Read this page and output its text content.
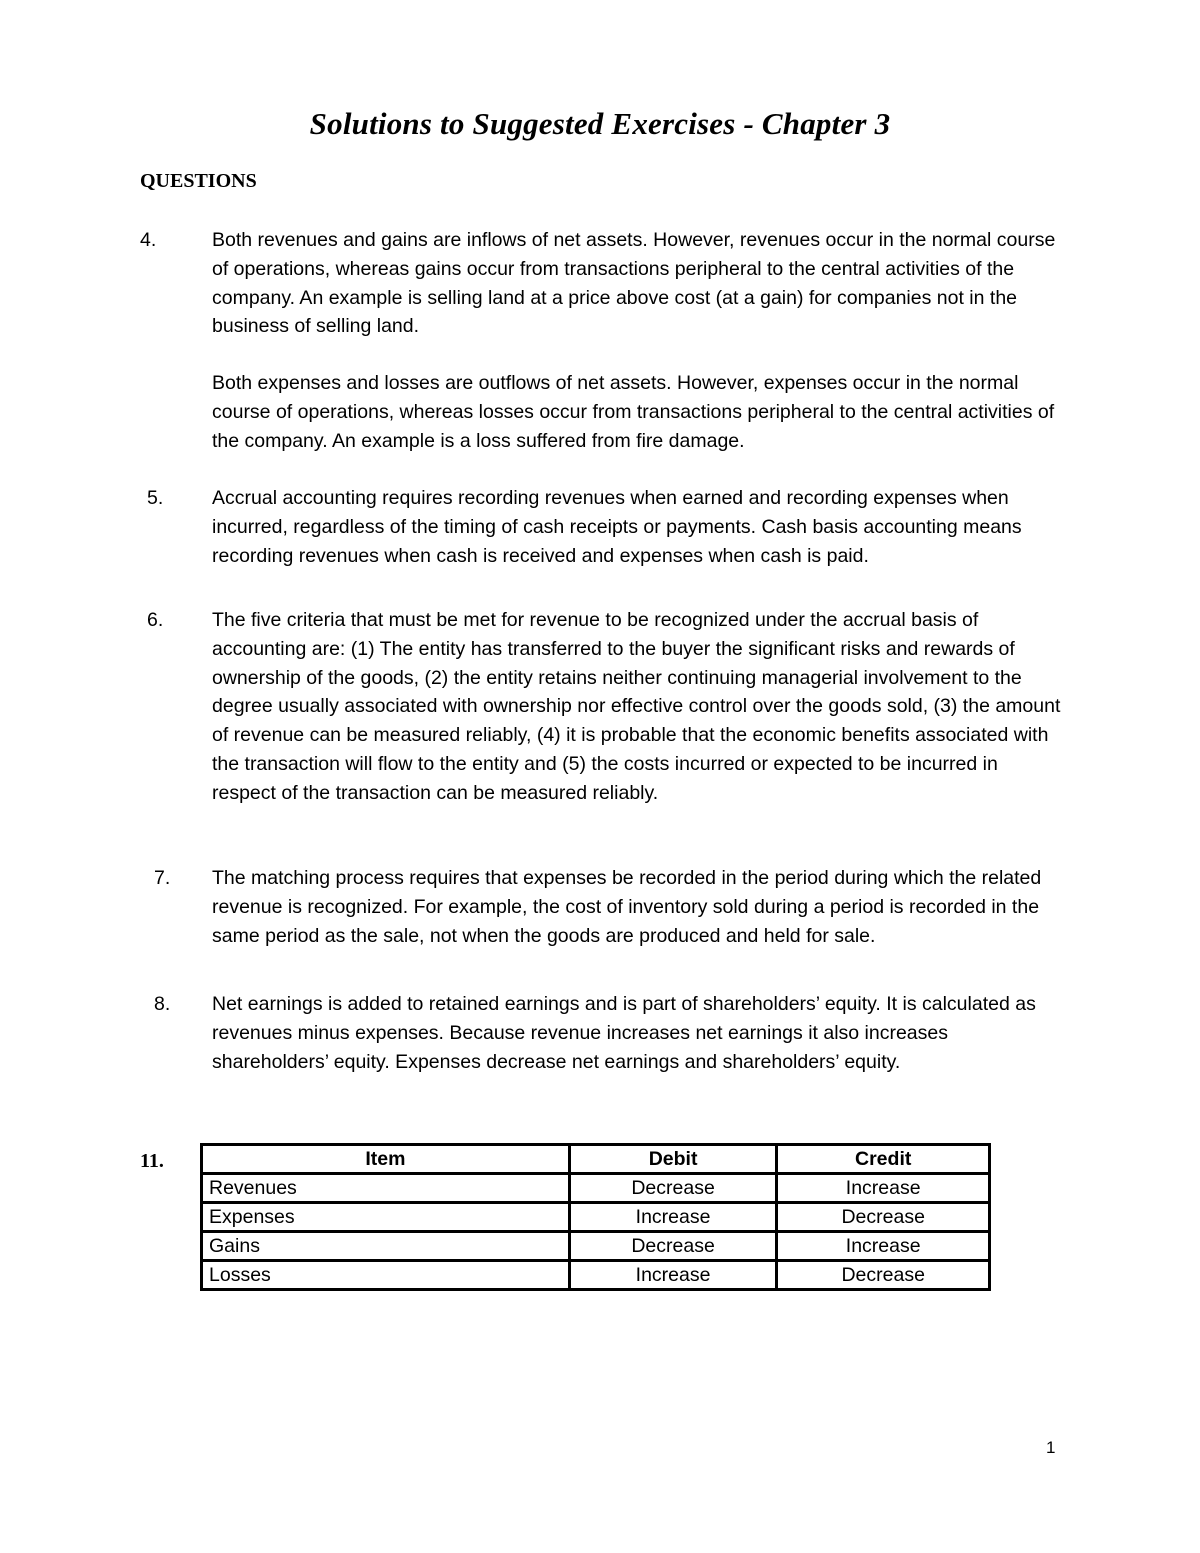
Solutions to Suggested Exercises - Chapter 3
QUESTIONS
4.	Both revenues and gains are inflows of net assets. However, revenues occur in the normal course of operations, whereas gains occur from transactions peripheral to the central activities of the company. An example is selling land at a price above cost (at a gain) for companies not in the business of selling land.

Both expenses and losses are outflows of net assets. However, expenses occur in the normal course of operations, whereas losses occur from transactions peripheral to the central activities of the company. An example is a loss suffered from fire damage.

5.	Accrual accounting requires recording revenues when earned and recording expenses when incurred, regardless of the timing of cash receipts or payments. Cash basis accounting means recording revenues when cash is received and expenses when cash is paid.

6.	The five criteria that must be met for revenue to be recognized under the accrual basis of accounting are: (1) The entity has transferred to the buyer the significant risks and rewards of ownership of the goods, (2) the entity retains neither continuing managerial involvement to the degree usually associated with ownership nor effective control over the goods sold, (3) the amount of revenue can be measured reliably, (4) it is probable that the economic benefits associated with the transaction will flow to the entity and (5) the costs incurred or expected to be incurred in respect of the transaction can be measured reliably.

7.	The matching process requires that expenses be recorded in the period during which the related revenue is recognized. For example, the cost of inventory sold during a period is recorded in the same period as the sale, not when the goods are produced and held for sale.

8.	Net earnings is added to retained earnings and is part of shareholders’ equity. It is calculated as revenues minus expenses. Because revenue increases net earnings it also increases shareholders’ equity. Expenses decrease net earnings and shareholders’ equity.

11.	Item	Debit	Credit
Revenues	Decrease	Increase
Expenses	Increase	Decrease
Gains	Decrease	Increase
Losses	Increase	Decrease
1
